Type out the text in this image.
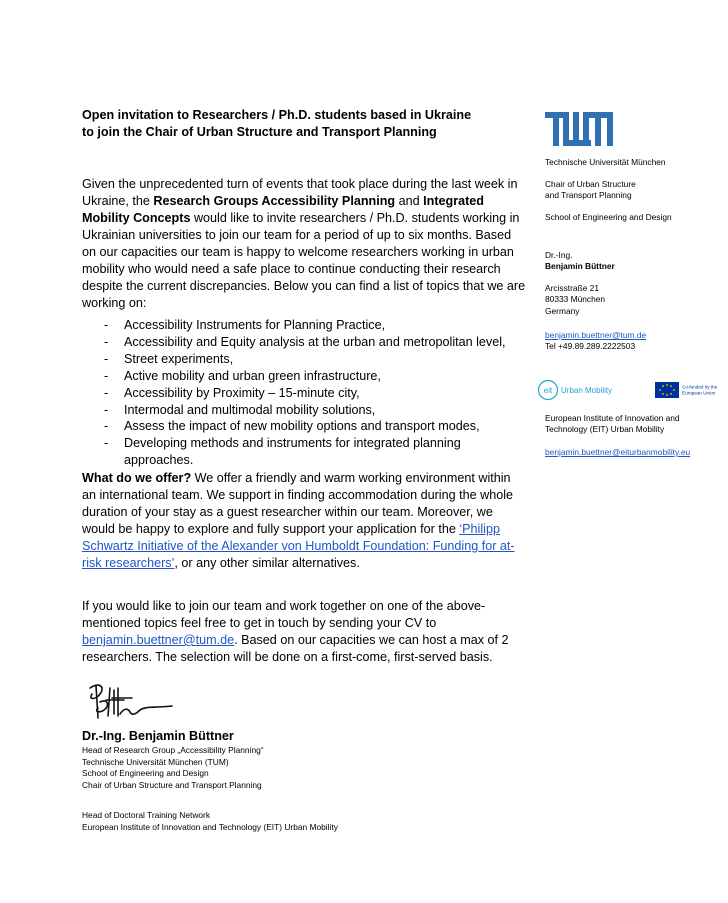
Open invitation to Researchers / Ph.D. students based in Ukraine
to join the Chair of Urban Structure and Transport Planning
Given the unprecedented turn of events that took place during the last week in Ukraine, the Research Groups Accessibility Planning and Integrated Mobility Concepts would like to invite researchers / Ph.D. students working in Ukrainian universities to join our team for a period of up to six months. Based on our capacities our team is happy to welcome researchers working in urban mobility who would need a safe place to continue conducting their research despite the current discrepancies. Below you can find a list of topics that we are working on:
- Accessibility Instruments for Planning Practice,
- Accessibility and Equity analysis at the urban and metropolitan level,
- Street experiments,
- Active mobility and urban green infrastructure,
- Accessibility by Proximity – 15-minute city,
- Intermodal and multimodal mobility solutions,
- Assess the impact of new mobility options and transport modes,
- Developing methods and instruments for integrated planning approaches.
What do we offer? We offer a friendly and warm working environment within an international team. We support in finding accommodation during the whole duration of your stay as a guest researcher within our team. Moreover, we would be happy to explore and fully support your application for the ‘Philipp Schwartz Initiative of the Alexander von Humboldt Foundation: Funding for at-risk researchers’, or any other similar alternatives.
If you would like to join our team and work together on one of the above-mentioned topics feel free to get in touch by sending your CV to benjamin.buettner@tum.de. Based on our capacities we can host a max of 2 researchers. The selection will be done on a first-come, first-served basis.
Dr.-Ing. Benjamin Büttner
Head of Research Group „Accessibility Planning“
Technische Universität München (TUM)
School of Engineering and Design
Chair of Urban Structure and Transport Planning
Head of Doctoral Training Network
European Institute of Innovation and Technology (EIT) Urban Mobility
Technische Universität München
Chair of Urban Structure
and Transport Planning
School of Engineering and Design
Dr.-Ing.
Benjamin Büttner
Arcisstraße 21
80333 München
Germany
benjamin.buettner@tum.de
Tel +49.89.289.2222503
eit Urban Mobility	Co-funded by the
European Union
European Institute of Innovation and
Technology (EIT) Urban Mobility
benjamin.buettner@eiturbanmobility.eu
